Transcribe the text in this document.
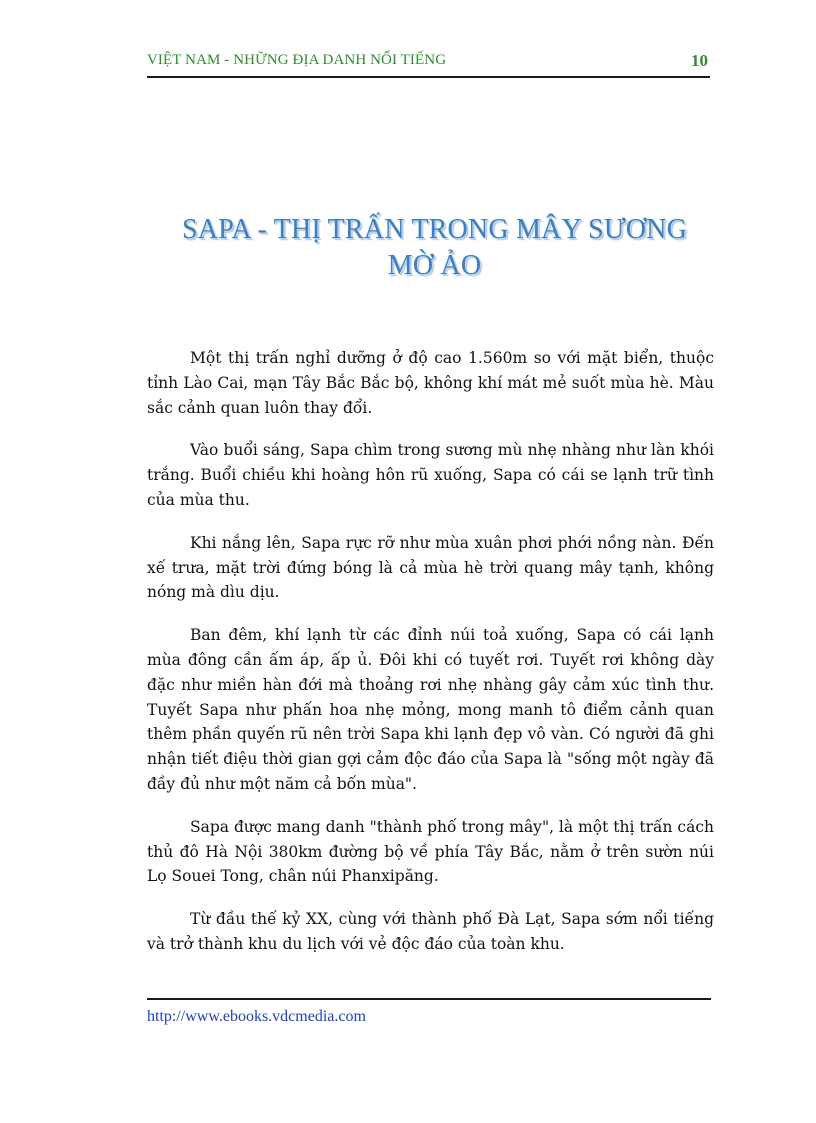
VIỆT NAM - NHỮNG ĐỊA DANH NỔI TIẾNG	10
SAPA - THỊ TRẤN TRONG MÂY SƯƠNG
MỜ ẢO

Một thị trấn nghỉ dưỡng ở độ cao 1.560m so với mặt biển, thuộc tỉnh Lào Cai, mạn Tây Bắc Bắc bộ, không khí mát mẻ suốt mùa hè. Màu sắc cảnh quan luôn thay đổi.

Vào buổi sáng, Sapa chìm trong sương mù nhẹ nhàng như làn khói trắng. Buổi chiều khi hoàng hôn rũ xuống, Sapa có cái se lạnh trữ tình của mùa thu.

Khi nắng lên, Sapa rực rỡ như mùa xuân phơi phới nồng nàn. Đến xế trưa, mặt trời đứng bóng là cả mùa hè trời quang mây tạnh, không nóng mà dìu dịu.

Ban đêm, khí lạnh từ các đỉnh núi toả xuống, Sapa có cái lạnh mùa đông cần ấm áp, ấp ủ. Đôi khi có tuyết rơi. Tuyết rơi không dày đặc như miền hàn đới mà thoảng rơi nhẹ nhàng gây cảm xúc tình thư. Tuyết Sapa như phấn hoa nhẹ mỏng, mong manh tô điểm cảnh quan thêm phần quyến rũ nên trời Sapa khi lạnh đẹp vô vàn. Có người đã ghi nhận tiết điệu thời gian gợi cảm độc đáo của Sapa là "sống một ngày đã đầy đủ như một năm cả bốn mùa".

Sapa được mang danh "thành phố trong mây", là một thị trấn cách thủ đô Hà Nội 380km đường bộ về phía Tây Bắc, nằm ở trên sườn núi Lọ Souei Tong, chân núi Phanxipăng.

Từ đầu thế kỷ XX, cùng với thành phố Đà Lạt, Sapa sớm nổi tiếng và trở thành khu du lịch với vẻ độc đáo của toàn khu.

http://www.ebooks.vdcmedia.com
